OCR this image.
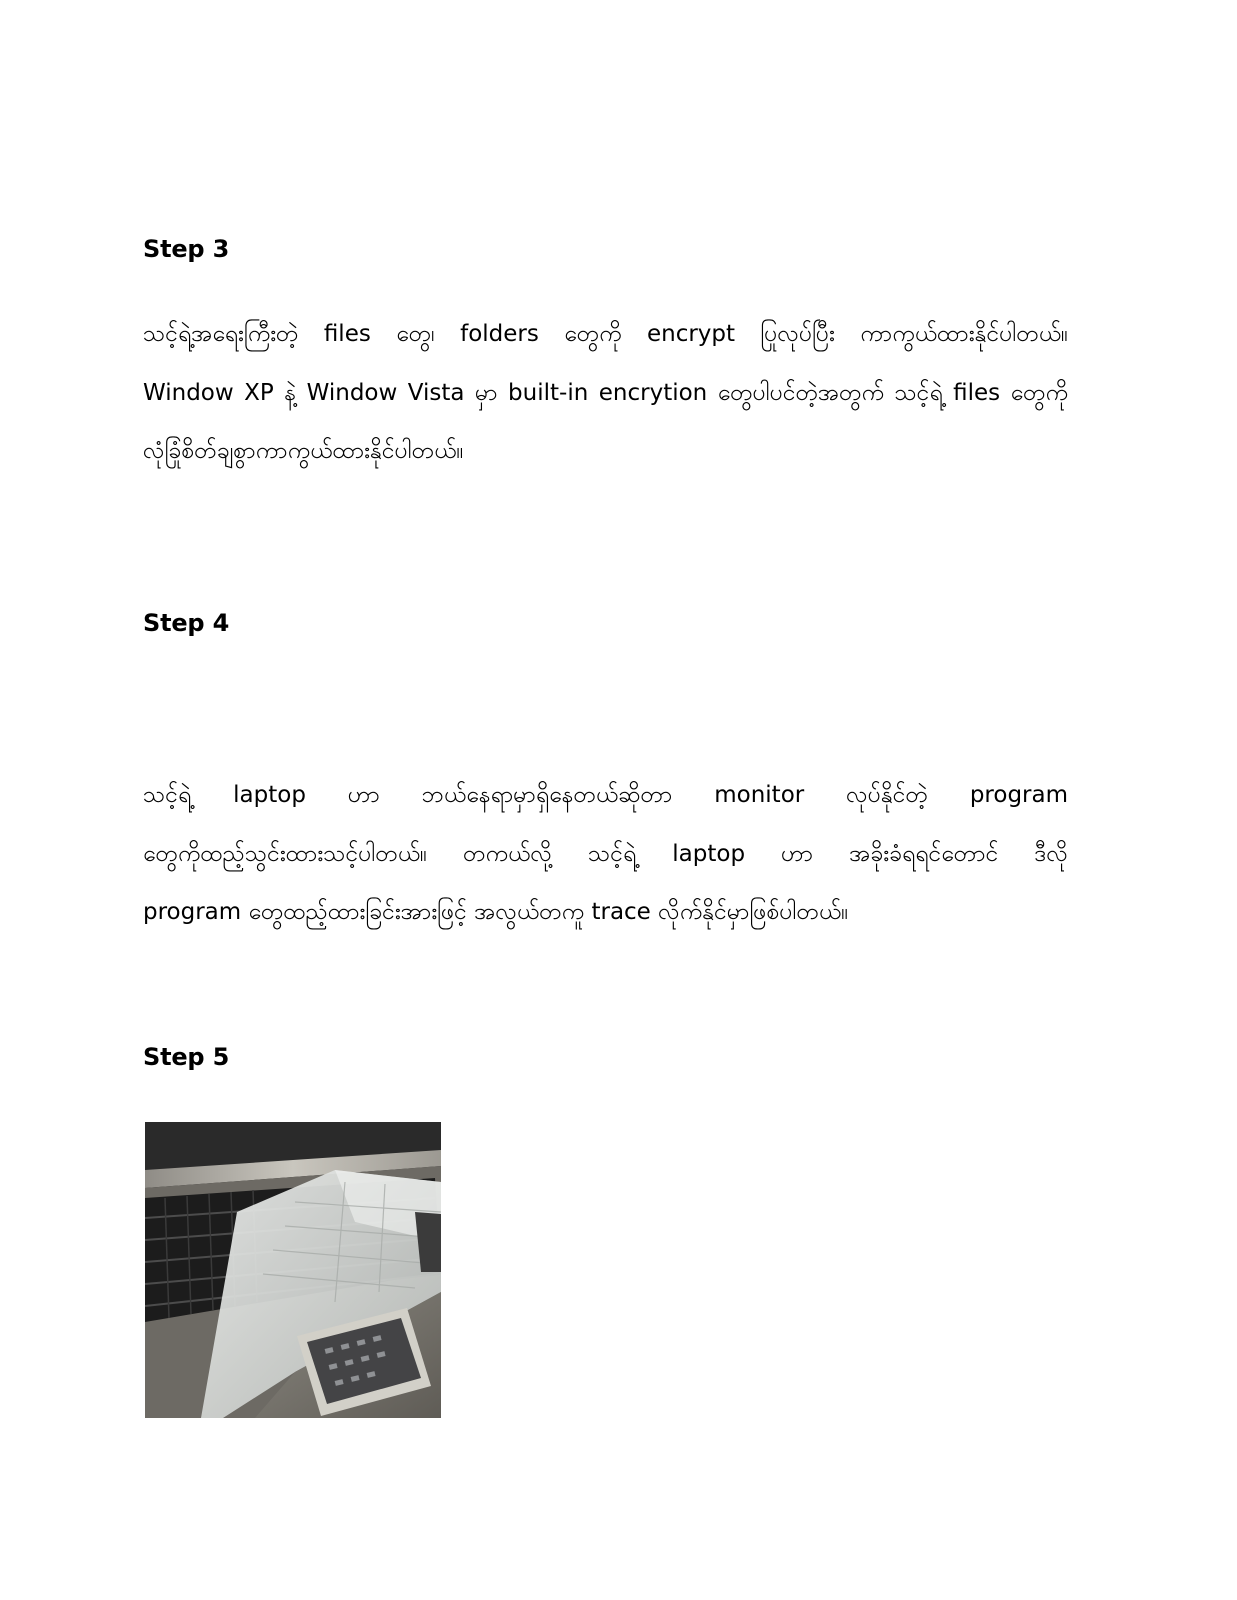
Step 3
သင့်ရဲ့အရေးကြီးတဲ့ files တွေ၊ folders တွေကို encrypt ပြုလုပ်ပြီး ကာကွယ်ထားနိုင်ပါတယ်။
Window XP နဲ့ Window Vista မှာ built-in encrytion တွေပါပင်တဲ့အတွက် သင့်ရဲ့ files တွေကို
လုံခြုံစိတ်ချစွာကာကွယ်ထားနိုင်ပါတယ်။
Step 4
သင့်ရဲ့ laptop ဟာ ဘယ်နေရာမှာရှိနေတယ်ဆိုတာ monitor လုပ်နိုင်တဲ့ program
တွေကိုထည့်သွင်းထားသင့်ပါတယ်။ တကယ်လို့ သင့်ရဲ့ laptop ဟာ အခိုးခံရရင်တောင် ဒီလို
program တွေထည့်ထားခြင်းအားဖြင့် အလွယ်တကူ trace လိုက်နိုင်မှာဖြစ်ပါတယ်။
Step 5
